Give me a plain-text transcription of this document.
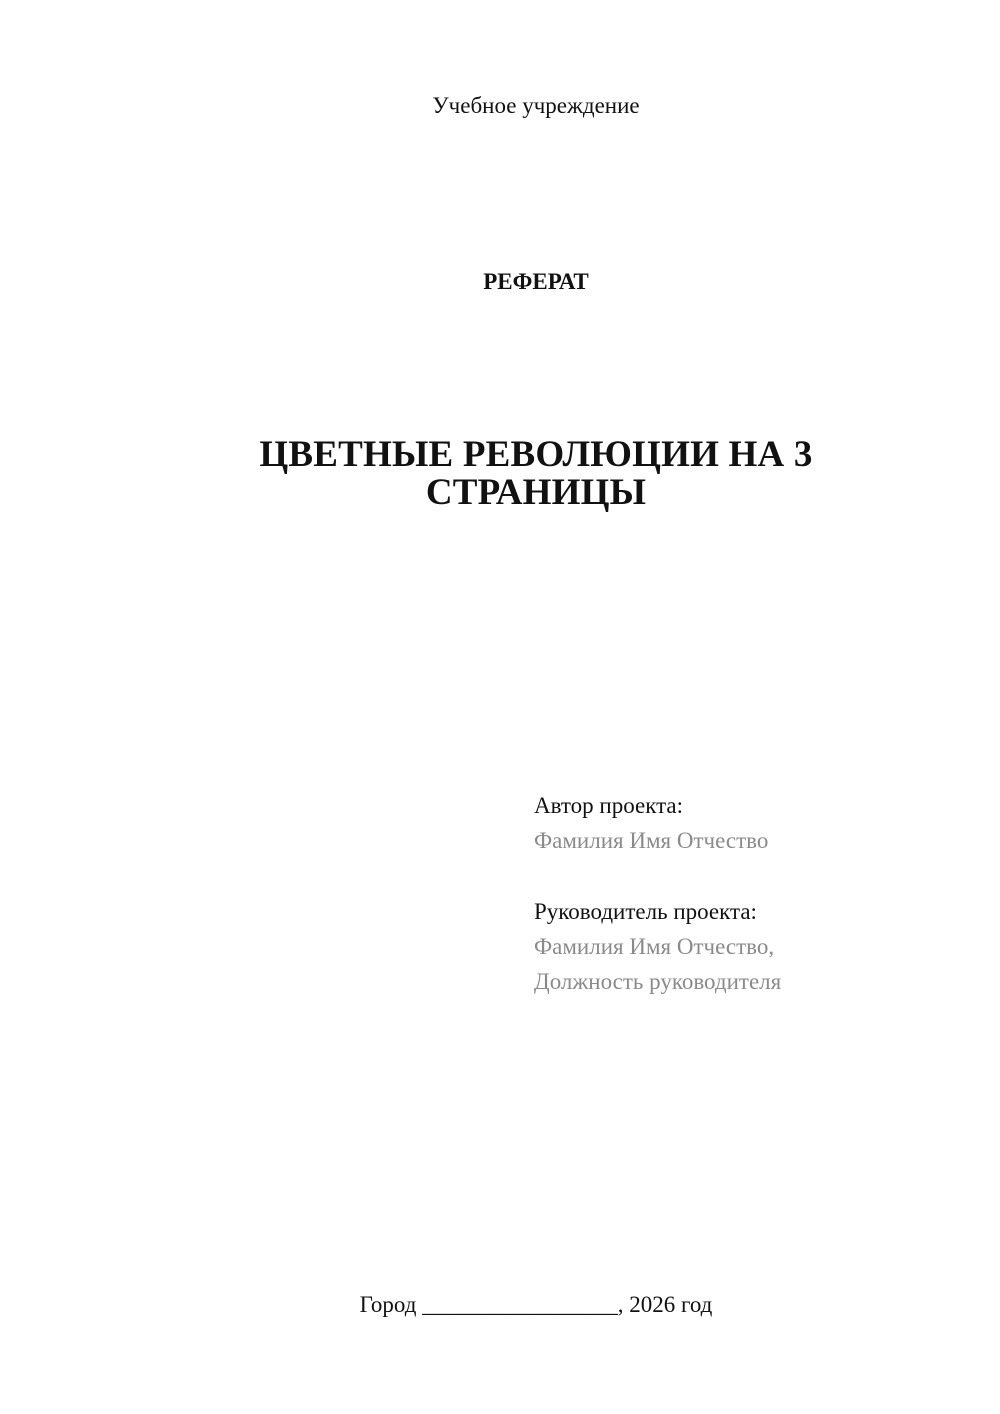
Учебное учреждение
РЕФЕРАТ
ЦВЕТНЫЕ РЕВОЛЮЦИИ НА 3
СТРАНИЦЫ
Автор проекта:
Фамилия Имя Отчество
Руководитель проекта:
Фамилия Имя Отчество,
Должность руководителя
Город _________________, 2026 год
